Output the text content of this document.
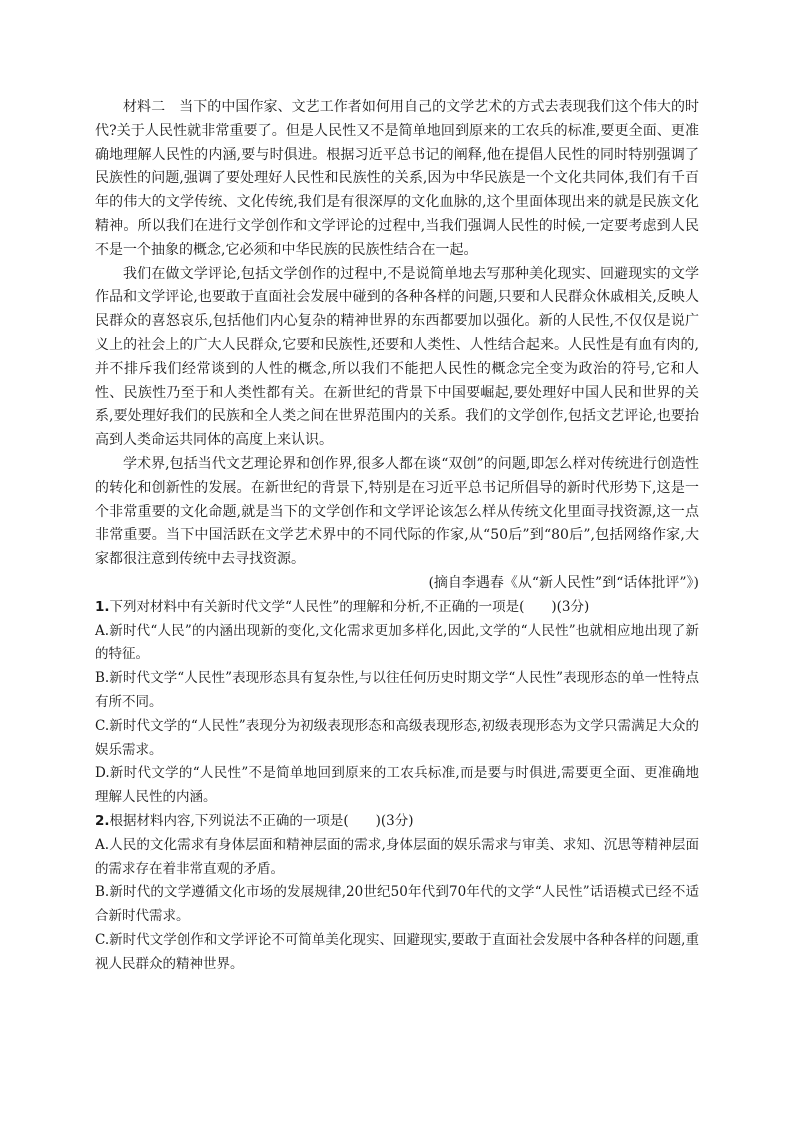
材料二　当下的中国作家、文艺工作者如何用自己的文学艺术的方式去表现我们这个伟大的时代?关于人民性就非常重要了。但是人民性又不是简单地回到原来的工农兵的标准,要更全面、更准确地理解人民性的内涵,要与时俱进。根据习近平总书记的阐释,他在提倡人民性的同时特别强调了民族性的问题,强调了要处理好人民性和民族性的关系,因为中华民族是一个文化共同体,我们有千百年的伟大的文学传统、文化传统,我们是有很深厚的文化血脉的,这个里面体现出来的就是民族文化精神。所以我们在进行文学创作和文学评论的过程中,当我们强调人民性的时候,一定要考虑到人民不是一个抽象的概念,它必须和中华民族的民族性结合在一起。

我们在做文学评论,包括文学创作的过程中,不是说简单地去写那种美化现实、回避现实的文学作品和文学评论,也要敢于直面社会发展中碰到的各种各样的问题,只要和人民群众休戚相关,反映人民群众的喜怒哀乐,包括他们内心复杂的精神世界的东西都要加以强化。新的人民性,不仅仅是说广义上的社会上的广大人民群众,它要和民族性,还要和人类性、人性结合起来。人民性是有血有肉的,并不排斥我们经常谈到的人性的概念,所以我们不能把人民性的概念完全变为政治的符号,它和人性、民族性乃至于和人类性都有关。在新世纪的背景下中国要崛起,要处理好中国人民和世界的关系,要处理好我们的民族和全人类之间在世界范围内的关系。我们的文学创作,包括文艺评论,也要抬高到人类命运共同体的高度上来认识。

学术界,包括当代文艺理论界和创作界,很多人都在谈“双创”的问题,即怎么样对传统进行创造性的转化和创新性的发展。在新世纪的背景下,特别是在习近平总书记所倡导的新时代形势下,这是一个非常重要的文化命题,就是当下的文学创作和文学评论该怎么样从传统文化里面寻找资源,这一点非常重要。当下中国活跃在文学艺术界中的不同代际的作家,从“50后”到“80后”,包括网络作家,大家都很注意到传统中去寻找资源。

(摘自李遇春《从“新人民性”到“话体批评”》)

1.下列对材料中有关新时代文学“人民性”的理解和分析,不正确的一项是(　　)(3分)

A.新时代“人民”的内涵出现新的变化,文化需求更加多样化,因此,文学的“人民性”也就相应地出现了新的特征。

B.新时代文学“人民性”表现形态具有复杂性,与以往任何历史时期文学“人民性”表现形态的单一性特点有所不同。

C.新时代文学的“人民性”表现分为初级表现形态和高级表现形态,初级表现形态为文学只需满足大众的娱乐需求。

D.新时代文学的“人民性”不是简单地回到原来的工农兵标准,而是要与时俱进,需要更全面、更准确地理解人民性的内涵。

2.根据材料内容,下列说法不正确的一项是(　　)(3分)

A.人民的文化需求有身体层面和精神层面的需求,身体层面的娱乐需求与审美、求知、沉思等精神层面的需求存在着非常直观的矛盾。

B.新时代的文学遵循文化市场的发展规律,20世纪50年代到70年代的文学“人民性”话语模式已经不适合新时代需求。

C.新时代文学创作和文学评论不可简单美化现实、回避现实,要敢于直面社会发展中各种各样的问题,重视人民群众的精神世界。
